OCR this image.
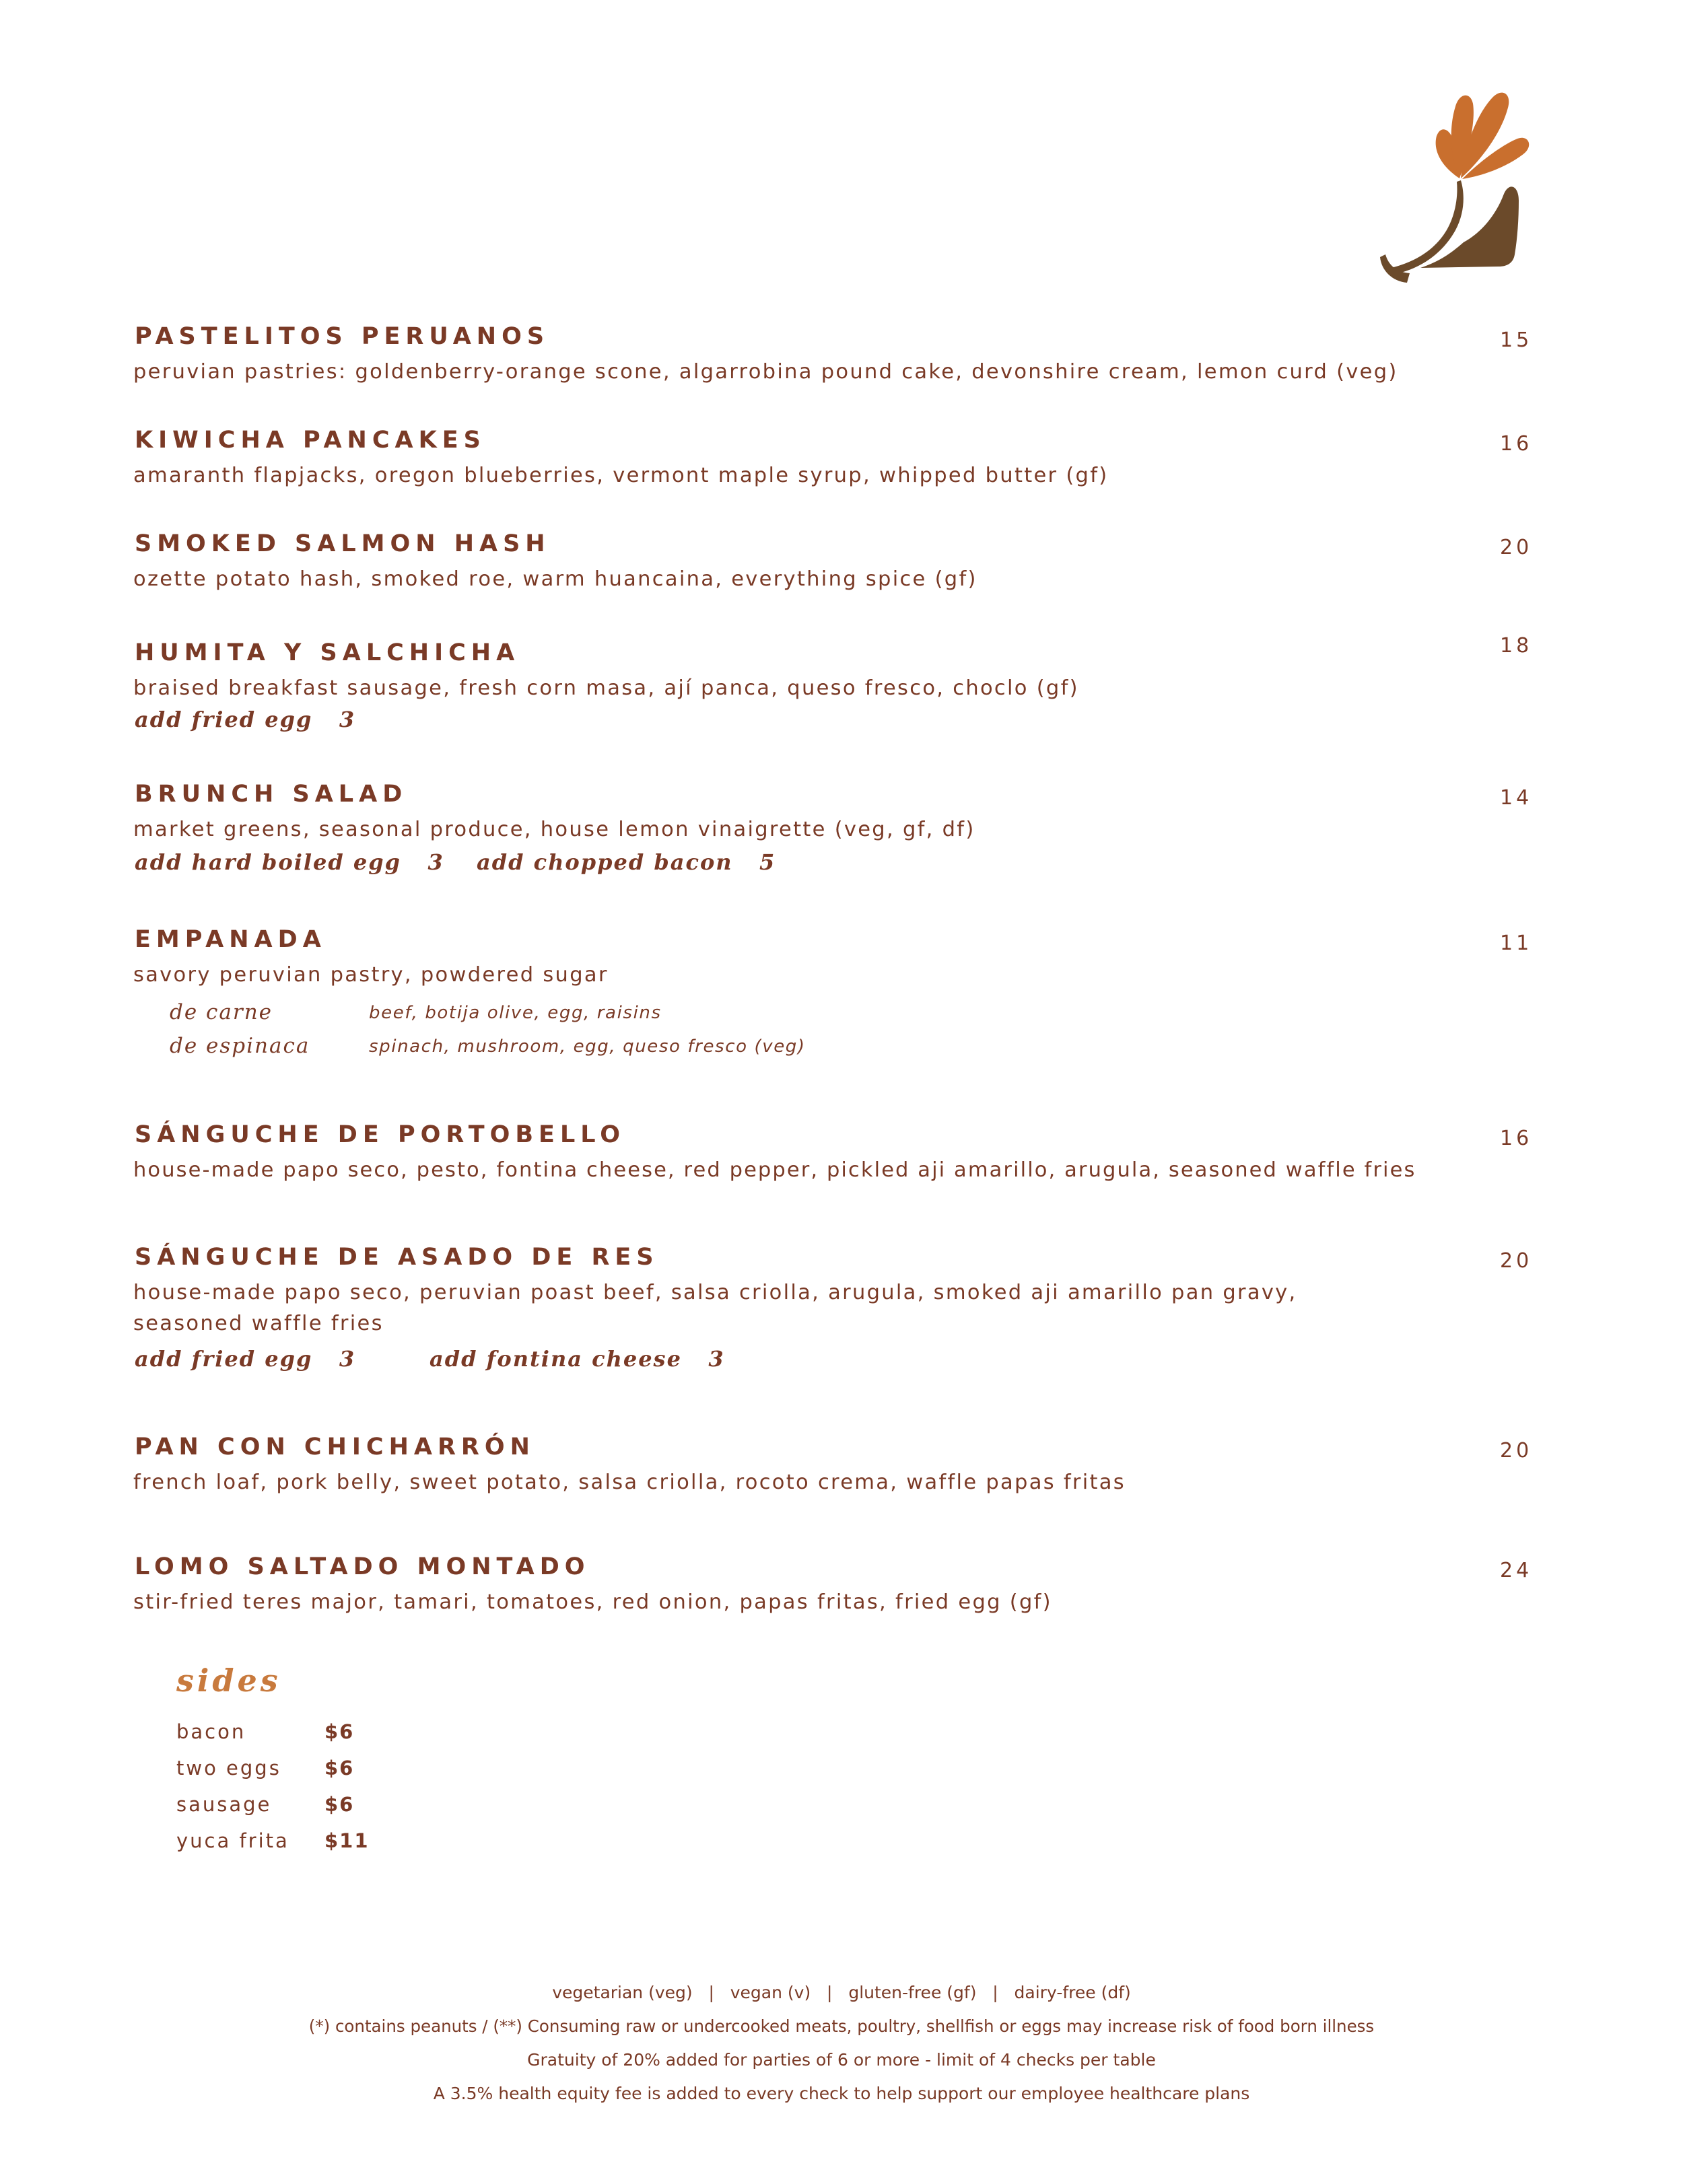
PASTELITOS PERUANOS	15
peruvian pastries: goldenberry-orange scone, algarrobina pound cake, devonshire cream, lemon curd (veg)
KIWICHA PANCAKES	16
amaranth flapjacks, oregon blueberries, vermont maple syrup, whipped butter (gf)
SMOKED SALMON HASH	20
ozette potato hash, smoked roe, warm huancaina, everything spice (gf)
HUMITA Y SALCHICHA	18
braised breakfast sausage, fresh corn masa, ají panca, queso fresco, choclo (gf)
add fried egg   3
BRUNCH SALAD	14
market greens, seasonal produce, house lemon vinaigrette (veg, gf, df)
add hard boiled egg   3 add chopped bacon   5
EMPANADA	11
savory peruvian pastry, powdered sugar
de carne	beef, botija olive, egg, raisins
de espinaca	spinach, mushroom, egg, queso fresco (veg)
SÁNGUCHE DE PORTOBELLO	16
house-made papo seco, pesto, fontina cheese, red pepper, pickled aji amarillo, arugula, seasoned waffle fries
SÁNGUCHE DE ASADO DE RES	20
house-made papo seco, peruvian poast beef, salsa criolla, arugula, smoked aji amarillo pan gravy, seasoned waffle fries
add fried egg   3	add fontina cheese   3
PAN CON CHICHARRÓN	20
french loaf, pork belly, sweet potato, salsa criolla, rocoto crema, waffle papas fritas
LOMO SALTADO MONTADO	24
stir-fried teres major, tamari, tomatoes, red onion, papas fritas, fried egg (gf)
sides
bacon	$6
two eggs $6
sausage	$6
yuca frita $11
vegetarian (veg)   |   vegan (v)   |   gluten-free (gf)   |   dairy-free (df)
(*) contains peanuts / (**) Consuming raw or undercooked meats, poultry, shellfish or eggs may increase risk of food born illness
Gratuity of 20% added for parties of 6 or more - limit of 4 checks per table
A 3.5% health equity fee is added to every check to help support our employee healthcare plans
